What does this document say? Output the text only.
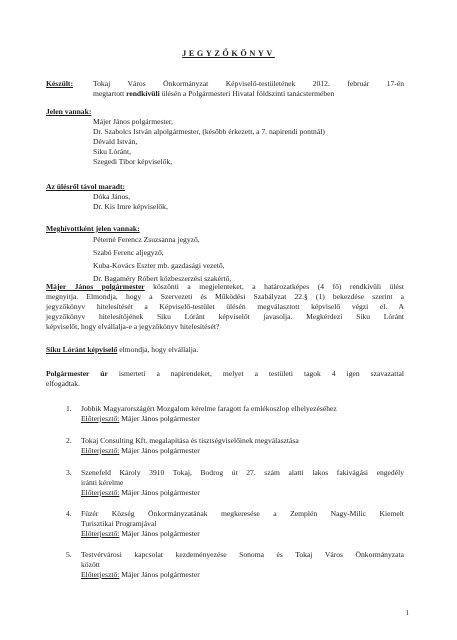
JEGYZŐKÖNYV
Készült:	Tokaj Város Önkormányzat Képviselő-testületének 2012. február 17-én
megtartott rendkívüli ülésén a Polgármesteri Hivatal földszinti tanácstermében
Jelen vannak:
Májer János polgármester,
Dr. Szabolcs István alpolgármester, (később érkezett, a 7. napirendi pontnál)
Dévald István,
Siku Lóránt,
Szegedi Tibor képviselők,
Az ülésről távol maradt:
Dóka János,
Dr. Kis Imre képviselők,
Meghívottként jelen vannak:
Péterné Ferencz Zsuzsanna jegyző,
Szabó Ferenc aljegyző,
Kuba-Kovács Eszter mb. gazdasági vezető,
Dr. Bagaméry Róbert közbeszerzési szakértő,
Májer János polgármester köszönti a megjelenteket, a határozatképes (4 fő) rendkívüli ülést
megnyitja. Elmondja, hogy a Szervezeti és Működési Szabályzat 22.§ (1) bekezdése szerint a
jegyzőkönyv hitelesítését a Képviselő-testület ülésén megválasztott képviselő végzi el. A
jegyzőkönyv hitelesítőjének Siku Lóránt képviselőt javasolja. Megkérdezi Siku Lóránt
képviselőt, hogy elvállalja-e a jegyzőkönyv hitelesítését?
Siku Lóránt képviselő elmondja, hogy elvállalja.
Polgármester úr ismerteti a napirendeket, melyet a testületi tagok 4 igen szavazattal
elfogadtak.
1. Jobbik Magyarországért Mozgalom kérelme faragott fa emlékoszlop elhelyezéséhez
Előterjesztő: Májer János polgármester
2. Tokaj Consulting Kft. megalapítása és tisztségviselőinek megválasztása
Előterjesztő: Májer János polgármester
3. Szenefeld Károly 3910 Tokaj, Bodrog út 27. szám alatti lakos fakivágási engedély
iránti kérelme
Előterjesztő: Májer János polgármester
4. Füzér Község Önkormányzatának megkeresése a Zemplén Nagy-Milic Kiemelt
Turisztikai Programjával
Előterjesztő: Májer János polgármester
5. Testvérvárosi kapcsolat kezdeményezése Sonoma és Tokaj Város Önkormányzata
között
Előterjesztő: Májer János polgármester
1
